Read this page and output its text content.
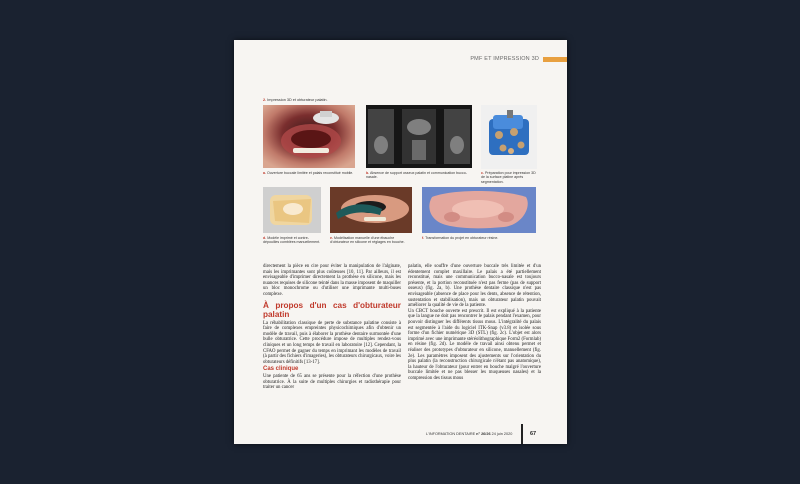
PMF ET IMPRESSION 3D
2. Impression 3D et obturateur palatin.
a. Ouverture buccale limitée et palais reconstitué mobile.	b. Absence de support osseux palatin et communication bucco-nasale.
c. Préparation pour impression 3D de la surface platine après segmentation.
d. Modèle imprimé et contre-dépouilles comblées manuellement.
e. Modélisation manuelle d'une ébauche d'obturateur en silicone et réglages en bouche.
f. Transformation du projet en obturateur résine.

directement la pièce en cire pour éviter la manipulation de l'alginate, mais les imprimantes sont plus coûteuses [10, 11]. Par ailleurs, il est envisageable d'imprimer directement la prothèse en silicone, mais les nuances requises de silicone teinté dans la masse imposent de maquiller un bloc monochrome ou d'utiliser une imprimante multi-buses complexe.

À propos d'un cas d'obturateur palatin

La réhabilitation classique de perte de substance palatine consiste à faire de complexes empreintes physicochimiques afin d'obtenir un modèle de travail, puis à élaborer la prothèse dentaire surmontée d'une bulle obturatrice. Cette procédure impose de multiples rendez-vous cliniques et un long temps de travail en laboratoire [12]. Cependant, la CFAO permet de gagner du temps en imprimant les modèles de travail (à partir des fichiers d'imageries), les obturateurs chirurgicaux, voire les obturateurs définitifs [13-17].

Cas clinique

Une patiente de 65 ans se présente pour la réfection d'une prothèse obturatrice. À la suite de multiples chirurgies et radiothérapie pour traiter un cancer

palatin, elle souffre d'une ouverture buccale très limitée et d'un édentement complet maxillaire. Le palais a été partiellement reconstitué, mais une communication bucco-nasale est toujours présente, et la portion reconstituée n'est pas ferme (pas de support osseux) (fig. 2a, b). Une prothèse dentaire classique n'est pas envisageable (absence de place pour les dents, absence de rétention, sustentation et stabilisation), mais un obturateur palatin pouvait améliorer la qualité de vie de la patiente.

Un CBCT bouche ouverte est prescrit. Il est expliqué à la patiente que la langue ne doit pas rencontrer le palais pendant l'examen, pour pouvoir distinguer les différents tissus mous. L'intégralité du palais est segmentée à l'aide du logiciel ITK-Snap (v3.8) et isolée sous forme d'un fichier numérique 3D (STL) (fig. 2c). L'objet est alors imprimé avec une imprimante stéréolithographique Form2 (Formlab) en résine (fig. 2d). Le modèle de travail ainsi obtenu permet et réaliser des prototypes d'obturateur en silicone, manuellement (fig. 2e). Les paramètres imposent des ajustements sur l'orientation du plus palatin (la reconstruction chirurgicale n'étant pas anatomique), la hauteur de l'obturateur (pour entrer en bouche malgré l'ouverture buccale limitée et ne pas blesser les muqueuses nasales) et la compression des tissus mous

L'INFORMATION DENTAIRE n° 26/26 24 juin 2020	67
